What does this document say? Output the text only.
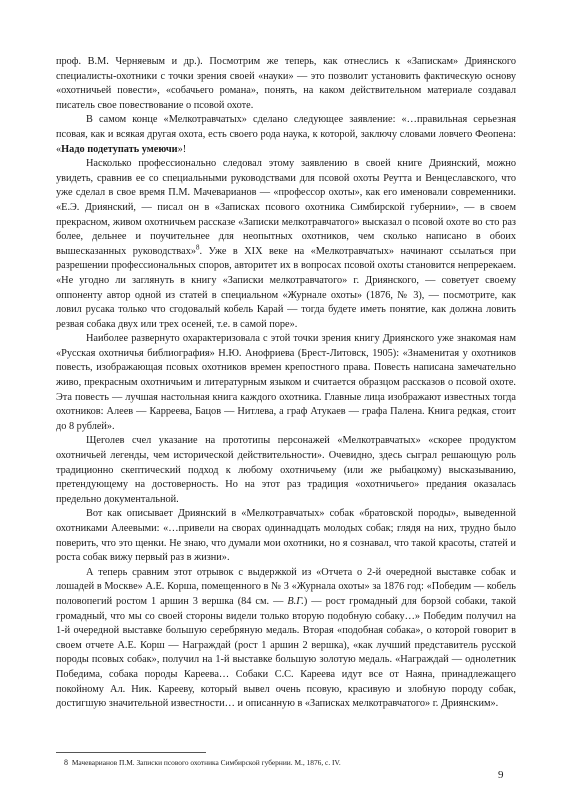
проф. В.М. Черняевым и др.). Посмотрим же теперь, как отнеслись к «Запискам» Дриянского специалисты-охотники с точки зрения своей «науки» — это позволит установить фактическую основу «охотничьей повести», «собачьего романа», понять, на каком действительном материале создавал писатель свое повествование о псовой охоте.

В самом конце «Мелкотравчатых» сделано следующее заявление: «…правильная серьезная псовая, как и всякая другая охота, есть своего рода наука, к которой, заключу словами ловчего Феопена: «Надо подетупать умеючи»!

Насколько профессионально следовал этому заявлению в своей книге Дриянский, можно увидеть, сравнив ее со специальными руководствами для псовой охоты Реутта и Венцеславского, что уже сделал в свое время П.М. Мачеварианов — «профессор охоты», как его именовали современники. «Е.Э. Дриянский, — писал он в «Записках псового охотника Симбирской губернии», — в своем прекрасном, живом охотничьем рассказе «Записки мелкотравчатого» высказал о псовой охоте во сто раз более, дельнее и поучительнее для неопытных охотников, чем сколько написано в обоих вышесказанных руководствах»$^8$. Уже в XIX веке на «Мелкотравчатых» начинают ссылаться при разрешении профессиональных споров, авторитет их в вопросах псовой охоты становится непререкаем. «Не угодно ли заглянуть в книгу «Записки мелкотравчатого» г. Дриянского, — советует своему оппоненту автор одной из статей в специальном «Журнале охоты» (1876, № 3), — посмотрите, как ловил русака только что сгодовалый кобель Карай — тогда будете иметь понятие, как должна ловить резвая собака двух или трех осеней, т.е. в самой поре».

Наиболее развернуто охарактеризовала с этой точки зрения книгу Дриянского уже знакомая нам «Русская охотничья библиография» Н.Ю. Анофриева (Брест-Литовск, 1905): «Знаменитая у охотников повесть, изображающая псовых охотников времен крепостного права. Повесть написана замечательно живо, прекрасным охотничьим и литературным языком и считается образцом рассказов о псовой охоте. Эта повесть — лучшая настольная книга каждого охотника. Главные лица изображают известных тогда охотников: Алеев — Карреева, Бацов — Нитлева, а граф Атукаев — графа Палена. Книга редкая, стоит до 8 рублей».

Щеголев счел указание на прототипы персонажей «Мелкотравчатых» «скорее продуктом охотничьей легенды, чем исторической действительности». Очевидно, здесь сыграл решающую роль традиционно скептический подход к любому охотничьему (или же рыбацкому) высказыванию, претендующему на достоверность. Но на этот раз традиция «охотничьего» предания оказалась предельно документальной.

Вот как описывает Дриянский в «Мелкотравчатых» собак «братовской породы», выведенной охотниками Алеевыми: «…привели на сворах одиннадцать молодых собак; глядя на них, трудно было поверить, что это щенки. Не знаю, что думали мои охотники, но я сознавал, что такой красоты, статей и роста собак вижу первый раз в жизни».

А теперь сравним этот отрывок с выдержкой из «Отчета о 2-й очередной выставке собак и лошадей в Москве» А.Е. Корша, помещенного в № 3 «Журнала охоты» за 1876 год: «Победим — кобель половопегий ростом 1 аршин 3 вершка (84 см. — В.Г.) — рост громадный для борзой собаки, такой громадный, что мы со своей стороны видели только вторую подобную собаку…» Победим получил на 1-й очередной выставке большую серебряную медаль. Вторая «подобная собака», о которой говорит в своем отчете А.Е. Корш — Награждай (рост 1 аршин 2 вершка), «как лучший представитель русской породы псовых собак», получил на 1-й выставке большую золотую медаль. «Награждай — однолетник Победима, собака породы Кареева… Собаки С.С. Кареева идут все от Наяна, принадлежащего покойному Ал. Ник. Карееву, который вывел очень псовую, красивую и злобную породу собак, достигшую значительной известности… и описанную в «Записках мелкотравчатого» г. Дриянским».

8 Мачеварианов П.М. Записки псового охотника Симбирской губернии. М., 1876, с. IV.
9
